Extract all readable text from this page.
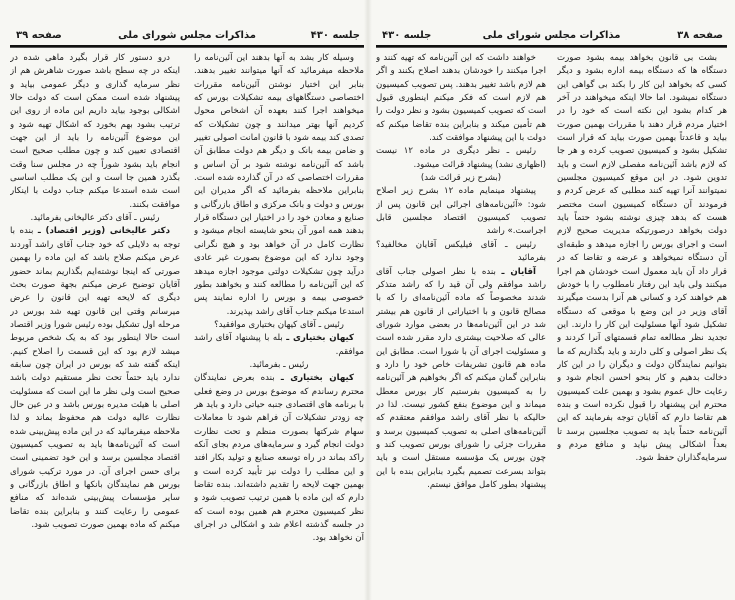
جلسه ۴۳۰
مذاکرات مجلس شورای ملی
صفحه ۳۹

وسیله کار بشد به آنها بدهند این آئین‌نامه را ملاحظه میفرمائید که آنها میتوانند تغییر بدهند. بنابر این اختیار نوشتن آئین‌نامه مقررات اختصاصی دستگاههای بیمه تشکیلات بورس که میخواهند اجرا کنند بعهده آن اشخاص محول کردیم آنها بهتر میدانند و چون تشکیلات که تصدی کند بیمه شود با قانون امانت اصولی تغییر و ضامن بیمه بانک و دیگر هم دولت مطابق آن باشد که آئین‌نامه نوشته شود بر آن اساس و مقررات اختصاصی که در آن گذارده شده است. بنابراین ملاحظه بفرمائید که اگر مدیران این بورس و دولت و بانک مرکزی و اطاق بازرگانی و صنایع و معادن خود را در اختیار این دستگاه قرار بدهند همه امور آن بنحو شایسته انجام میشود و نظارت کامل در آن خواهد بود و هیچ نگرانی وجود ندارد که این موضوع بصورت غیر عادی درآید چون تشکیلات دولتی موجود اجازه میدهد که این آئین‌نامه را مطالعه کنند و بخواهند بطور خصوصی بیمه و بورس را اداره نمایند پس استدعا میکنم جناب آقای راشد بپذیرند.

رئیس ـ آقای کیهان بختیاری موافقید؟

کیهان بختیاری ـ بله با پیشنهاد آقای راشد موافقم.

رئیس ـ بفرمائید.

کیهان بختیاری ـ بنده بعرض نمایندگان محترم رساندم که موضوع بورس در وضع فعلی با برنامه های اقتصادی جنبه حیاتی دارد و باید هر چه زودتر تشکیلات آن فراهم شود تا معاملات سهام شرکتها بصورت منظم و تحت نظارت دولت انجام گیرد و سرمایه‌های مردم بجای آنکه راکد بماند در راه توسعه صنایع و تولید بکار افتد و این مطلب را دولت نیز تأیید کرده است و بهمین جهت لایحه را تقدیم داشته‌اند. بنده تقاضا دارم که این ماده با همین ترتیب تصویب شود و نظر کمیسیون محترم هم همین بوده است که در جلسه گذشته اعلام شد و اشکالی در اجرای آن نخواهد بود.

درو دستور کار قرار بگیرد ماهی شده در اینکه در چه سطح باشد صورت شاهرش هم از نظر سرمایه گذاری و دیگر عمومی بیاید و پیشنهاد شده است ممکن است که دولت حالا اشکالی بوجود بیاید داریم این ماده از روی این ترتیب بشود بهم بخورد که اشکال تهیه شود و این موضوع آئین‌نامه را باید از این جهت اقتصادی تعیین کند و چون مطلب صحیح است انجام باید بشود شوراً چه در مجلس سنا وقت بگذرد همین جا است و این یک مطلب اساسی است شده استدعا میکنم جناب دولت با اینکار موافقت بکنند.

رئیس ـ آقای دکتر عالیخانی بفرمائید.

دکتر عالیخانی (وزیر اقتصاد) ـ بنده با توجه به دلایلی که خود جناب آقای راشد آوردند عرض میکنم صلاح باشد که این ماده را بهمین صورتی که اینجا نوشته‌ایم بگذاریم بماند حضور آقایان توضیح عرض میکنم بجهة صورت بحث دیگری که لایحه تهیه این قانون را عرض میرسانم وقتی این قانون تهیه شد بورس در مرحله اول تشکیل بوده رئیس شورا وزیر اقتصاد است حالا اینطور بود که به یک شخص مربوط میشد لازم بود که این قسمت را اصلاح کنیم. اینکه گفته شد که بورس در ایران چون سابقه ندارد باید حتماً تحت نظر مستقیم دولت باشد صحیح است ولی نظر ما این است که مسئولیت اصلی با هیئت مدیره بورس باشد و در عین حال نظارت عالیه دولت هم محفوظ بماند و لذا ملاحظه میفرمائید که در این ماده پیش‌بینی شده است که آئین‌نامه‌ها باید به تصویب کمیسیون اقتصاد مجلسین برسد و این خود تضمینی است برای حسن اجرای آن. در مورد ترکیب شورای بورس هم نمایندگان بانکها و اطاق بازرگانی و سایر مؤسسات پیش‌بینی شده‌اند که منافع عمومی را رعایت کنند و بنابراین بنده تقاضا میکنم که ماده بهمین صورت تصویب شود.

صفحه ۳۸
مذاکرات مجلس شورای ملی
جلسه ۴۳۰

بشت بی قانون بخواهد بیمه بشود صورت دستگاه ها که دستگاه بیمه اداره بشود و دیگر کسی که بخواهد این کار را بکند بی گواهی این دستگاه نمیشود. اما حالا اینکه میخواهند در آخر هر کدام بشود این نکته است که خود را در اختیار مردم قرار دهند با مقررات بهمین صورت بیاید و قاعدتاً بهمین صورت بیاید که قرار است تشکیل بشود و کمیسیون تصویب کرده و هر جا که لازم باشد آئین‌نامه مفصلی لازم است و باید تدوین شود. در این موقع کمیسیون مجلسین نمیتوانند آنرا تهیه کنند مطلبی که عرض کردم و فرمودند آن دستگاه کمیسیون است مختصر هست که بدهد چیزی نوشته بشود حتماً باید دولت بخواهد درصورتیکه مدیریت صحیح لازم است و اجرای بورس را اجازه میدهد و طبقه‌ای آن دستگاه نمیخواهد و عرضه و تقاضا که در قرار داد آن باید معمول است خودشان هم اجرا میکنند ولی باید این رفتار نامطلوب را با خودش هم خواهند کرد و کسانی هم آنرا بدست میگیرند آقای وزیر در این وضع با موقعی که دستگاه تشکیل شود آنها مسئولیت این کار را دارند. این تجدید نظر مطالعه تمام قسمتهای آنرا کردند و یک نظر اصولی و کلی دارند و باید بگذاریم که ما بتوانیم نمایندگان دولت و دیگران را در این کار دخالت بدهیم و کار بنحو احسن انجام شود و رعایت حال عموم بشود و بهمین علت کمیسیون محترم این پیشنهاد را قبول نکرده است و بنده هم تقاضا دارم که آقایان توجه بفرمایند که این آئین‌نامه حتماً باید به تصویب مجلسین برسد تا بعداً اشکالی پیش نیاید و منافع مردم و سرمایه‌گذاران حفظ شود.

خواهند داشت که این آئین‌نامه که تهیه کنند و اجرا میکنند را خودشان بدهند اصلاح بکنند و اگر هم لازم باشد تغییر بدهند. پس تصویب کمیسیون هم لازم است که فکر میکنم اینطوری قبول است که تصویب کمیسیون بشود و نظر دولت را هم تأمین میکند و بنابراین بنده تقاضا میکنم که دولت با این پیشنهاد موافقت کند.

رئیس ـ نظر دیگری در ماده ۱۲ نیست (اظهاری نشد) پیشنهاد قرائت میشود.

(بشرح زیر قرائت شد)

پیشنهاد مینمایم ماده ۱۲ بشرح زیر اصلاح شود: «آئین‌نامه‌های اجرائی این قانون پس از تصویب کمیسیون اقتصاد مجلسین قابل اجراست.» راشد

رئیس ـ آقای فیلیکس آقایان مخالفید؟ بفرمائید

آقایان ـ بنده با نظر اصولی جناب آقای راشد موافقم ولی آن قید را که راشد متذکر شدند مخصوصاً که ماده آئین‌نامه‌ای را که با مصالح قانون و با اختیاراتی از قانون هم بیشتر شد در این آئین‌نامه‌ها در بعضی موارد شورای عالی که صلاحیت بیشتری دارد مقرر شده است و مسئولیت اجرای آن با شورا است. مطابق این ماده هم قانون تشریفات خاص خود را دارد و بنابراین گمان میکنم که اگر بخواهیم هر آئین‌نامه را به کمیسیون بفرستیم کار بورس معطل میماند و این موضوع بنفع کشور نیست. لذا در حالیکه با نظر آقای راشد موافقم معتقدم که آئین‌نامه‌های اصلی به تصویب کمیسیون برسد و مقررات جزئی را شورای بورس تصویب کند و چون بورس یک مؤسسه مستقل است و باید بتواند بسرعت تصمیم بگیرد بنابراین بنده با این پیشنهاد بطور کامل موافق نیستم.
